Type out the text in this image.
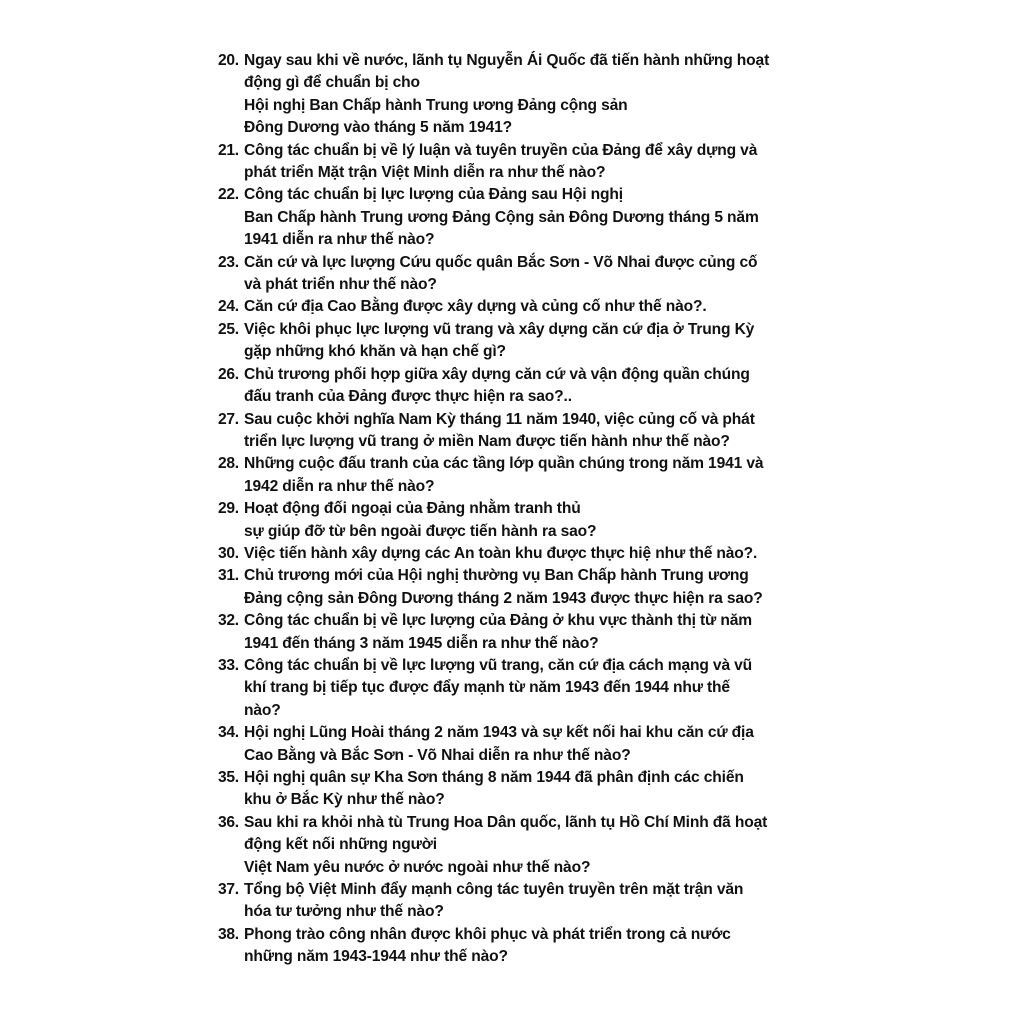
20. Ngay sau khi về nước, lãnh tụ Nguyễn Ái Quốc đã tiến hành những hoạt
động gì để chuẩn bị cho
Hội nghị Ban Chấp hành Trung ương Đảng cộng sản
Đông Dương vào tháng 5 năm 1941?
21. Công tác chuẩn bị về lý luận và tuyên truyền của Đảng để xây dựng và
phát triển Mặt trận Việt Minh diễn ra như thế nào?
22. Công tác chuẩn bị lực lượng của Đảng sau Hội nghị
Ban Chấp hành Trung ương Đảng Cộng sản Đông Dương tháng 5 năm
1941 diễn ra như thế nào?
23. Căn cứ và lực lượng Cứu quốc quân Bắc Sơn - Võ Nhai được củng cố
và phát triển như thế nào?
24. Căn cứ địa Cao Bằng được xây dựng và củng cố như thế nào?.
25. Việc khôi phục lực lượng vũ trang và xây dựng căn cứ địa ở Trung Kỳ
gặp những khó khăn và hạn chế gì?
26. Chủ trương phối hợp giữa xây dựng căn cứ và vận động quần chúng
đấu tranh của Đảng được thực hiện ra sao?..
27. Sau cuộc khởi nghĩa Nam Kỳ tháng 11 năm 1940, việc củng cố và phát
triển lực lượng vũ trang ở miền Nam được tiến hành như thế nào?
28. Những cuộc đấu tranh của các tầng lớp quần chúng trong năm 1941 và
1942 diễn ra như thế nào?
29. Hoạt động đối ngoại của Đảng nhằm tranh thủ
sự giúp đỡ từ bên ngoài được tiến hành ra sao?
30. Việc tiến hành xây dựng các An toàn khu được thực hiệ như thế nào?.
31. Chủ trương mới của Hội nghị thường vụ Ban Chấp hành Trung ương
Đảng cộng sản Đông Dương tháng 2 năm 1943 được thực hiện ra sao?
32. Công tác chuẩn bị về lực lượng của Đảng ở khu vực thành thị từ năm
1941 đến tháng 3 năm 1945 diễn ra như thế nào?
33. Công tác chuẩn bị về lực lượng vũ trang, căn cứ địa cách mạng và vũ
khí trang bị tiếp tục được đẩy mạnh từ năm 1943 đến 1944 như thế
nào?
34. Hội nghị Lũng Hoài tháng 2 năm 1943 và sự kết nối hai khu căn cứ địa
Cao Bằng và Bắc Sơn - Võ Nhai diễn ra như thế nào?
35. Hội nghị quân sự Kha Sơn tháng 8 năm 1944 đã phân định các chiến
khu ở Bắc Kỳ như thế nào?
36. Sau khi ra khỏi nhà tù Trung Hoa Dân quốc, lãnh tụ Hồ Chí Minh đã hoạt
động kết nối những người
Việt Nam yêu nước ở nước ngoài như thế nào?
37. Tổng bộ Việt Minh đẩy mạnh công tác tuyên truyền trên mặt trận văn
hóa tư tưởng như thế nào?
38. Phong trào công nhân được khôi phục và phát triển trong cả nước
những năm 1943-1944 như thế nào?
